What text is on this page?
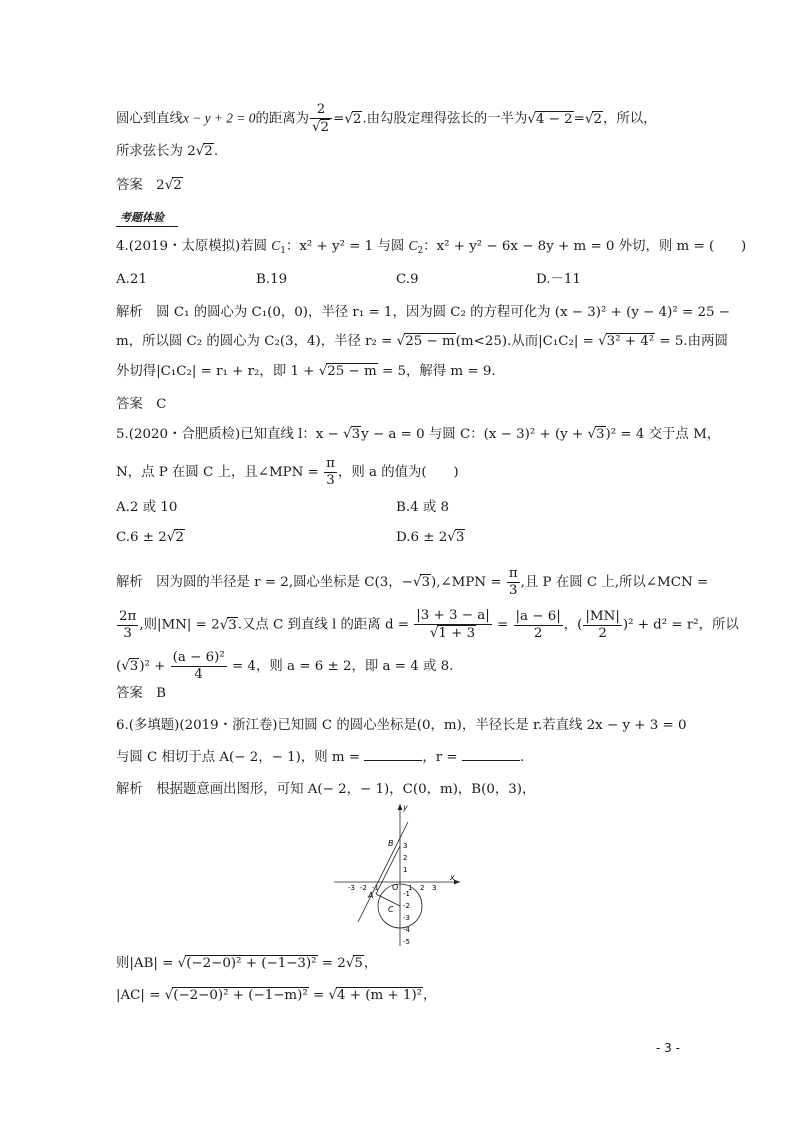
圆心到直线x − y + 2 = 0的距离为 $\frac{2}{√2} =√2$.由勾股定理得弦长的一半为√4 − 2=√2，所以，
所求弦长为 2√2.
答案　 2√2
考题体验
4.(2019・太原模拟)若圆 $C_1$：x² + y² = 1 与圆 $C_2$：x² + y² − 6x − 8y + m = 0 外切，则 m = (　　)
A.21	B.19	C.9	D.－11
解析　圆 C₁ 的圆心为 C₁(0，0)，半径 r₁ = 1，因为圆 C₂ 的方程可化为 (x − 3)² + (y − 4)² = 25 −
m，所以圆 C₂ 的圆心为 C₂(3，4)，半径 r₂ = √25 − m(m<25).从而|C₁C₂| = √3² + 4² = 5.由两圆
外切得|C₁C₂| = r₁ + r₂，即 1 + √25 − m = 5，解得 m = 9.
答案　 C
5.(2020・合肥质检)已知直线 l：x − √3y − a = 0 与圆 C：(x − 3)² + (y + √3)² = 4 交于点 M，
N，点 P 在圆 C 上，且∠MPN = $\frac{\pi}{3}$ ，则 a 的值为(　　)
A.2 或 10	B.4 或 8
C.6 ± 2√2	D.6 ± 2√3
解析　因为圆的半径是 r = 2,圆心坐标是 C(3，−√3),∠MPN = $\frac{\pi}{3}$ ,且 P 在圆 C 上,所以∠MCN =
$\frac{2\pi}{3}$ ,则|MN| = 2√3.又点 C 到直线 l 的距离 $d = \frac{|3 + 3 - a|}{√1 + 3} = \frac{|a - 6|}{2}$ ，( $\frac{|MN|}{2} )^2 + d^2 = r^2$，所以
$(√3)^2 + \frac{\text{(a − 6)²}}{4} = 4$，则 a = 6 ± 2，即 a = 4 或 8.
答案　 B
6.(多填题)(2019・浙江卷)已知圆 C 的圆心坐标是(0，m)，半径长是 r.若直线 2x − y + 3 = 0
与圆 C 相切于点 A(− 2，− 1)，则 m =	，r =	.
解析　根据题意画出图形，可知 A(− 2，− 1)，C(0，m)，B(0，3)，
x
y
O
-3 -2 -1	1 2 3
3
2
1
-1
-2
-3
-4
-5
A
B
C
则|AB| = √(−2−0)² + (−1−3)² = 2√5，
|AC| = √(−2−0)² + (−1−m)² = √4 + (m + 1)²，
- 3 -
